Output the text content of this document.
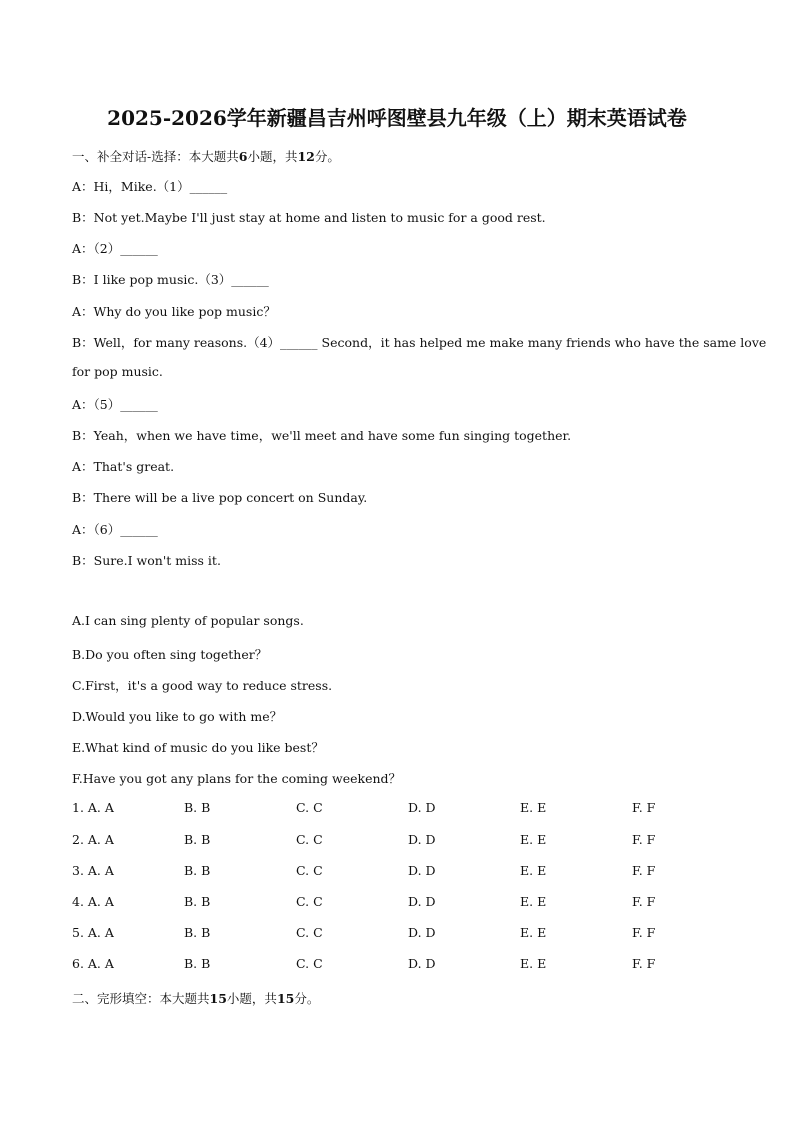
2025-2026学年新疆昌吉州呼图壁县九年级（上）期末英语试卷
一、补全对话-选择：本大题共6小题，共12分。
A：Hi，Mike.（1）______
B：Not yet.Maybe I'll just stay at home and listen to music for a good rest.
A：（2）______
B：I like pop music.（3）______
A：Why do you like pop music？
B：Well，for many reasons.（4）______ Second，it has helped me make many friends who have the same love
for pop music.
A：（5）______
B：Yeah，when we have time，we'll meet and have some fun singing together.
A：That's great.
B：There will be a live pop concert on Sunday.
A：（6）______
B：Sure.I won't miss it.
A.I can sing plenty of popular songs.
B.Do you often sing together？
C.First，it's a good way to reduce stress.
D.Would you like to go with me？
E.What kind of music do you like best？
F.Have you got any plans for the coming weekend？
1. A. A	B. B	C. C	D. D	E. E	F. F
2. A. A	B. B	C. C	D. D	E. E	F. F
3. A. A	B. B	C. C	D. D	E. E	F. F
4. A. A	B. B	C. C	D. D	E. E	F. F
5. A. A	B. B	C. C	D. D	E. E	F. F
6. A. A	B. B	C. C	D. D	E. E	F. F
二、完形填空：本大题共15小题，共15分。
